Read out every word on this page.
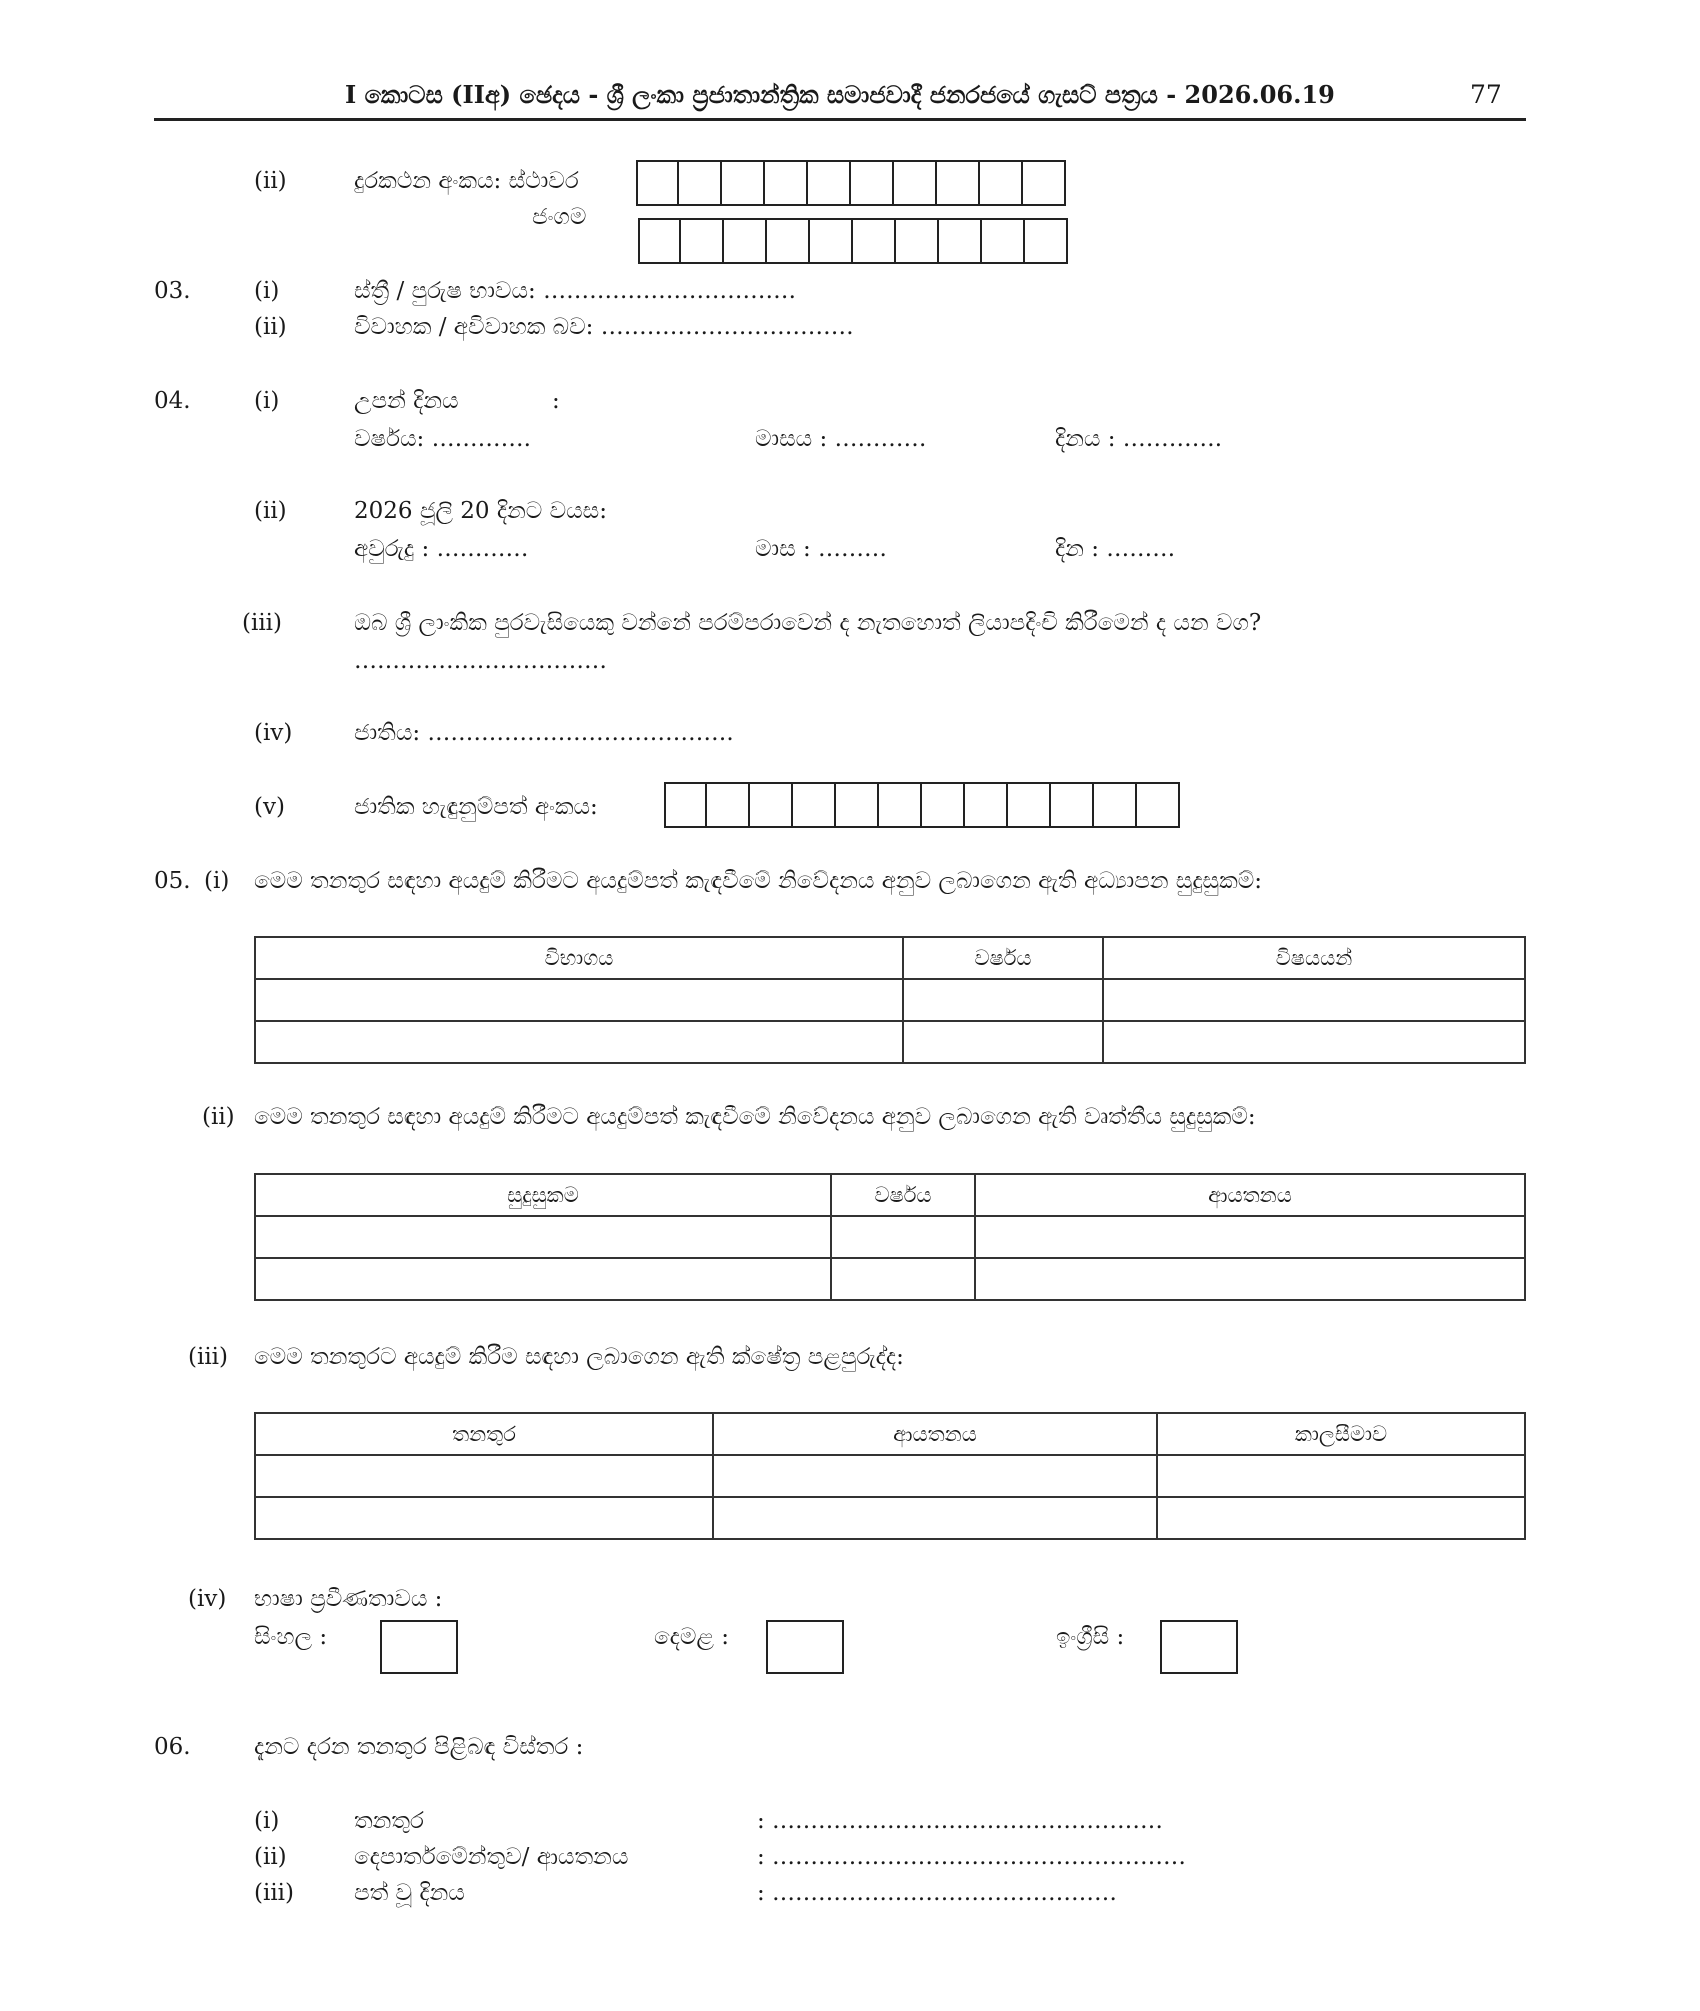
I කොටස (IIඅ) ඡෙදය - ශ්‍රී ලංකා ප්‍රජාතාන්ත්‍රික සමාජවාදී ජනරජයේ ගැසට් පත්‍රය - 2026.06.19	77
(ii)	දුරකථන අංකය: ස්ථාවර
ජංගම
03.	(i)	ස්ත්‍රී / පුරුෂ භාවය: ……………………………
(ii)	විවාහක / අවිවාහක බව: ……………………………
04.	(i)	උපන් දිනය	:
වර්ෂය: ………….	මාසය : …………	දිනය : ………….
(ii)	2026 ජූලි 20 දිනට වයස:
අවුරුදු : …………	මාස : ………	දින : ………
(iii)	ඔබ ශ්‍රී ලාංකික පුරවැසියෙකු වන්නේ පරම්පරාවෙන් ද නැතහොත් ලියාපදිංචි කිරීමෙන් ද යන වග?
……………………………
(iv)	ජාතිය: ………………………………….
(v)	ජාතික හැඳුනුම්පත් අංකය:
05. (i) මෙම තනතුර සඳහා අයදුම් කිරීමට අයදුම්පත් කැඳවීමේ නිවේදනය අනුව ලබාගෙන ඇති අධ්‍යාපන සුදුසුකම්:
විභාගය	වර්ෂය	විෂයයන්

(ii) මෙම තනතුර සඳහා අයදුම් කිරීමට අයදුම්පත් කැඳවීමේ නිවේදනය අනුව ලබාගෙන ඇති වෘත්තීය සුදුසුකම්:
සුදුසුකම	වර්ෂය	ආයතනය

(iii) මෙම තනතුරට අයදුම් කිරීම සඳහා ලබාගෙන ඇති ක්ෂේත්‍ර පළපුරුද්ද:
තනතුර	ආයතනය	කාලසීමාව

(iv) භාෂා ප්‍රවීණතාවය :
සිංහල :	දෙමළ :	ඉංග්‍රීසි :
06.	දැනට දරන තනතුර පිළිබඳ විස්තර :
(i)	තනතුර	: ……………………………………………
(ii)	දෙපාර්තමේන්තුව/ ආයතනය	: ………………………………………………
(iii)	පත් වූ දිනය	: ………………………………………
